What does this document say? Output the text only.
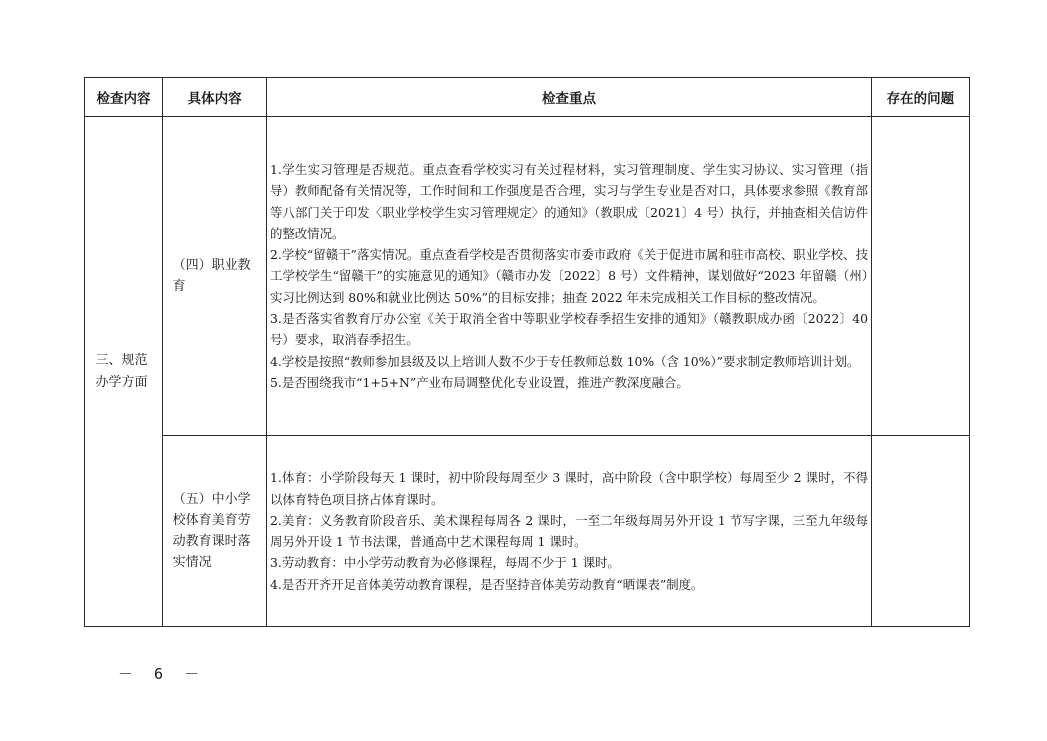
检查内容	具体内容	检查重点	存在的问题
三、规范办学方面	（四）职业教育	1.学生实习管理是否规范。重点查看学校实习有关过程材料，实习管理制度、学生实习协议、实习管理（指导）教师配备有关情况等，工作时间和工作强度是否合理，实习与学生专业是否对口，具体要求参照《教育部等八部门关于印发〈职业学校学生实习管理规定〉的通知》（教职成〔2021〕4 号）执行，并抽查相关信访件的整改情况。

2.学校“留赣干”落实情况。重点查看学校是否贯彻落实市委市政府《关于促进市属和驻市高校、职业学校、技工学校学生“留赣干”的实施意见的通知》（赣市办发〔2022〕8 号）文件精神，谋划做好“2023 年留赣（州）实习比例达到 80%和就业比例达 50%”的目标安排；抽查 2022 年未完成相关工作目标的整改情况。

3.是否落实省教育厅办公室《关于取消全省中等职业学校春季招生安排的通知》（赣教职成办函〔2022〕40 号）要求，取消春季招生。

4.学校是按照“教师参加县级及以上培训人数不少于专任教师总数 10%（含 10%）”要求制定教师培训计划。

5.是否围绕我市“1+5+N”产业布局调整优化专业设置，推进产教深度融合。	

	（五）中小学校体育美育劳动教育课时落实情况	1.体育：小学阶段每天 1 课时，初中阶段每周至少 3 课时，高中阶段（含中职学校）每周至少 2 课时，不得以体育特色项目挤占体育课时。

2.美育：义务教育阶段音乐、美术课程每周各 2 课时，一至二年级每周另外开设 1 节写字课，三至九年级每周另外开设 1 节书法课，普通高中艺术课程每周 1 课时。

3.劳动教育：中小学劳动教育为必修课程，每周不少于 1 课时。

4.是否开齐开足音体美劳动教育课程，是否坚持音体美劳动教育“晒课表”制度。	

－ 6 －
